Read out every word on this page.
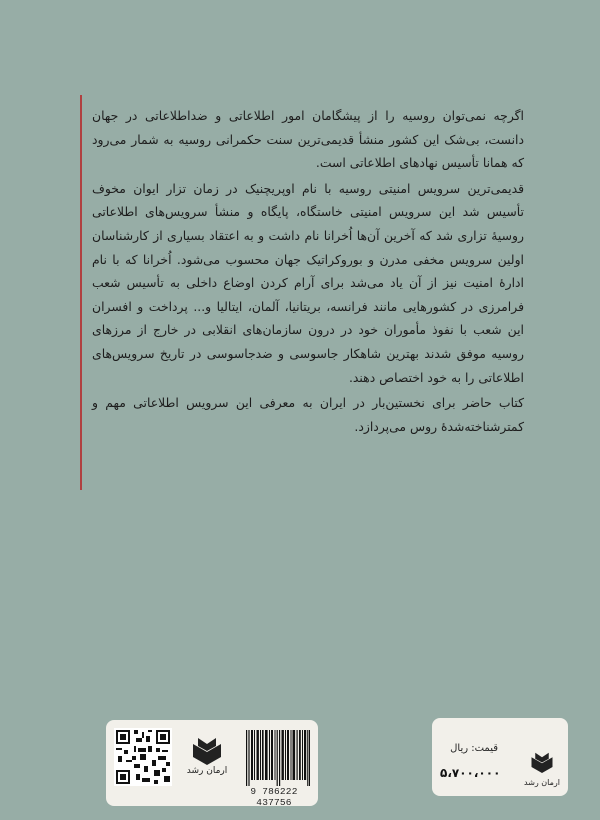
اگرچه نمی‌توان روسیه را از پیشگامان امور اطلاعاتی و ضداطلاعاتی در جهان دانست، بی‌شک این کشور منشأ قدیمی‌ترین سنت حکمرانی روسیه به شمار می‌رود که همانا تأسیس نهادهای اطلاعاتی است.

قدیمی‌ترین سرویس امنیتی روسیه با نام اوپریچنیک در زمان تزار ایوان مخوف تأسیس شد این سرویس امنیتی خاستگاه، پایگاه و منشأ سرویس‌های اطلاعاتی روسیهٔ تزاری شد که آخرین آن‌ها اُخرانا نام داشت و به اعتقاد بسیاری از کارشناسان اولین سرویس مخفی مدرن و بوروکراتیک جهان محسوب می‌شود. اُخرانا که با نام ادارهٔ امنیت نیز از آن یاد می‌شد برای آرام کردن اوضاع داخلی به تأسیس شعب فرامرزی در کشورهایی مانند فرانسه، بریتانیا، آلمان، ایتالیا و... پرداخت و افسران این شعب با نفوذ مأموران خود در درون سازمان‌های انقلابی در خارج از مرزهای روسیه موفق شدند بهترین شاهکار جاسوسی و ضدجاسوسی در تاریخ سرویس‌های اطلاعاتی را به خود اختصاص دهند.

کتاب حاضر برای نخستین‌بار در ایران به معرفی این سرویس اطلاعاتی مهم و کمترشناخته‌شدهٔ روس می‌پردازد.

ارمان رشد
9 786222 437756
قیمت: ریال
۵،۷۰۰،۰۰۰
ارمان رشد
